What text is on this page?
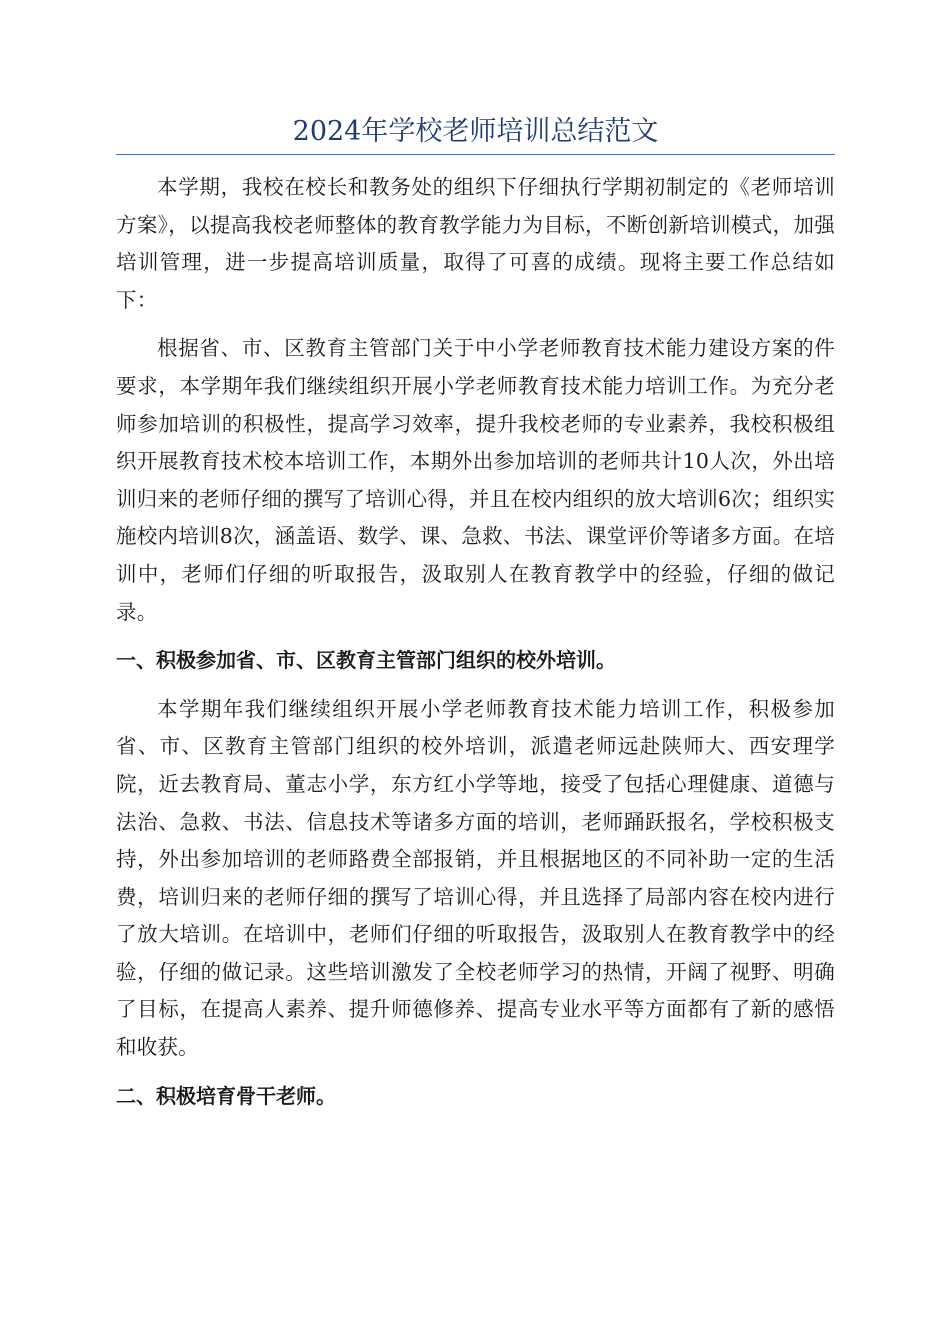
2024年学校老师培训总结范文

本学期，我校在校长和教务处的组织下仔细执行学期初制定的《老师培训方案》，以提高我校老师整体的教育教学能力为目标，不断创新培训模式，加强培训管理，进一步提高培训质量，取得了可喜的成绩。现将主要工作总结如下：

根据省、市、区教育主管部门关于中小学老师教育技术能力建设方案的件要求，本学期年我们继续组织开展小学老师教育技术能力培训工作。为充分老师参加培训的积极性，提高学习效率，提升我校老师的专业素养，我校积极组织开展教育技术校本培训工作，本期外出参加培训的老师共计10人次，外出培训归来的老师仔细的撰写了培训心得，并且在校内组织的放大培训6次；组织实施校内培训8次，涵盖语、数学、课、急救、书法、课堂评价等诸多方面。在培训中，老师们仔细的听取报告，汲取别人在教育教学中的经验，仔细的做记录。

一、积极参加省、市、区教育主管部门组织的校外培训。

本学期年我们继续组织开展小学老师教育技术能力培训工作，积极参加省、市、区教育主管部门组织的校外培训，派遣老师远赴陕师大、西安理学院，近去教育局、董志小学，东方红小学等地，接受了包括心理健康、道德与法治、急救、书法、信息技术等诸多方面的培训，老师踊跃报名，学校积极支持，外出参加培训的老师路费全部报销，并且根据地区的不同补助一定的生活费，培训归来的老师仔细的撰写了培训心得，并且选择了局部内容在校内进行了放大培训。在培训中，老师们仔细的听取报告，汲取别人在教育教学中的经验，仔细的做记录。这些培训激发了全校老师学习的热情，开阔了视野、明确了目标，在提高人素养、提升师德修养、提高专业水平等方面都有了新的感悟和收获。

二、积极培育骨干老师。
